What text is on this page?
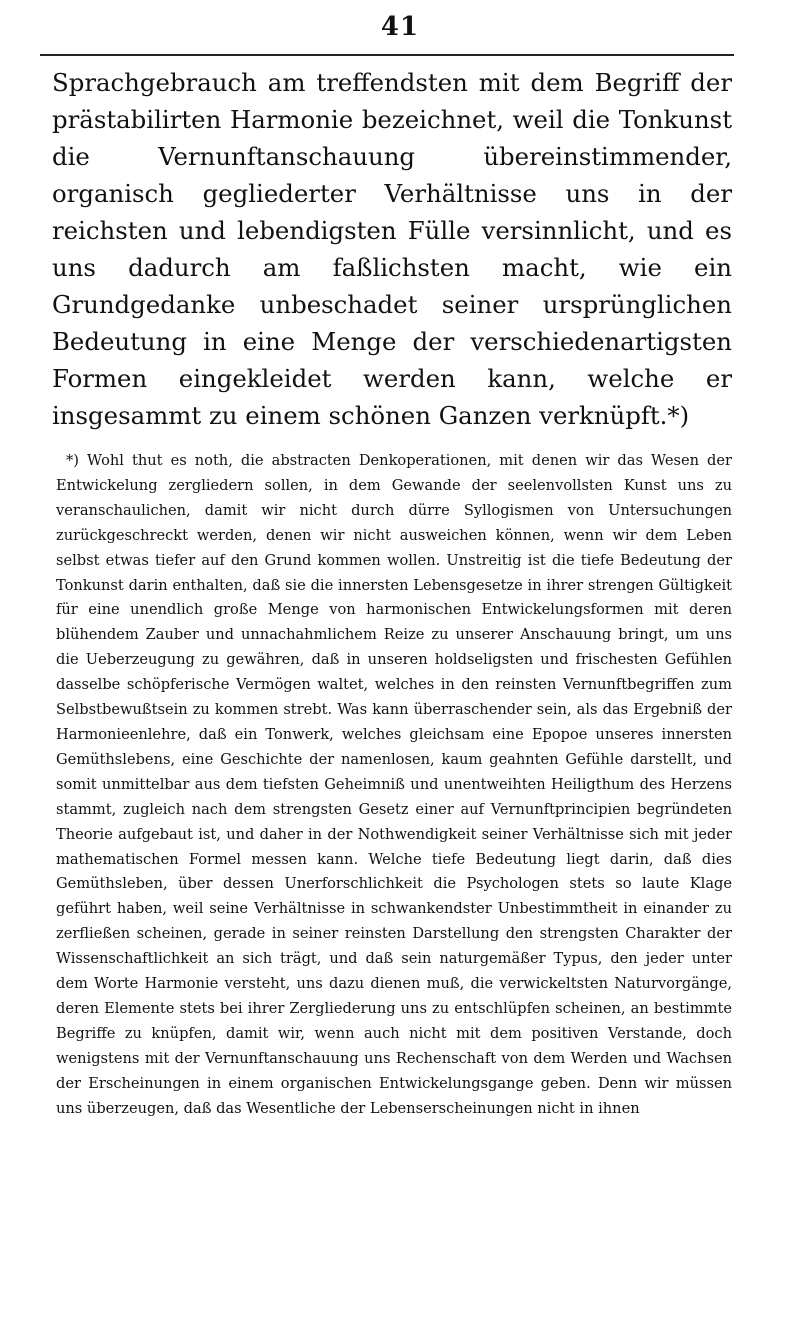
41

Sprachgebrauch am treffendsten mit dem Begriff der prästabilirten Harmonie bezeichnet, weil die Tonkunst die Vernunftanschauung übereinstimmender, organisch gegliederter Verhältnisse uns in der reichsten und lebendigsten Fülle versinnlicht, und es uns dadurch am faßlichsten macht, wie ein Grundgedanke unbeschadet seiner ursprünglichen Bedeutung in eine Menge der verschiedenartigsten Formen eingekleidet werden kann, welche er insgesammt zu einem schönen Ganzen verknüpft.*)

*) Wohl thut es noth, die abstracten Denkoperationen, mit denen wir das Wesen der Entwickelung zergliedern sollen, in dem Gewande der seelenvollsten Kunst uns zu veranschaulichen, damit wir nicht durch dürre Syllogismen von Untersuchungen zurückgeschreckt werden, denen wir nicht ausweichen können, wenn wir dem Leben selbst etwas tiefer auf den Grund kommen wollen. Unstreitig ist die tiefe Bedeutung der Tonkunst darin enthalten, daß sie die innersten Lebensgesetze in ihrer strengen Gültigkeit für eine unendlich große Menge von harmonischen Entwickelungsformen mit deren blühendem Zauber und unnachahmlichem Reize zu unserer Anschauung bringt, um uns die Ueberzeugung zu gewähren, daß in unseren holdseligsten und frischesten Gefühlen dasselbe schöpferische Vermögen waltet, welches in den reinsten Vernunftbegriffen zum Selbstbewußtsein zu kommen strebt. Was kann überraschender sein, als das Ergebniß der Harmonieenlehre, daß ein Tonwerk, welches gleichsam eine Epopoe unseres innersten Gemüthslebens, eine Geschichte der namenlosen, kaum geahnten Gefühle darstellt, und somit unmittelbar aus dem tiefsten Geheimniß und unentweihten Heiligthum des Herzens stammt, zugleich nach dem strengsten Gesetz einer auf Vernunftprincipien begründeten Theorie aufgebaut ist, und daher in der Nothwendigkeit seiner Verhältnisse sich mit jeder mathematischen Formel messen kann. Welche tiefe Bedeutung liegt darin, daß dies Gemüthsleben, über dessen Unerforschlichkeit die Psychologen stets so laute Klage geführt haben, weil seine Verhältnisse in schwankendster Unbestimmtheit in einander zu zerfließen scheinen, gerade in seiner reinsten Darstellung den strengsten Charakter der Wissenschaftlichkeit an sich trägt, und daß sein naturgemäßer Typus, den jeder unter dem Worte Harmonie versteht, uns dazu dienen muß, die verwickeltsten Naturvorgänge, deren Elemente stets bei ihrer Zergliederung uns zu entschlüpfen scheinen, an bestimmte Begriffe zu knüpfen, damit wir, wenn auch nicht mit dem positiven Verstande, doch wenigstens mit der Vernunftanschauung uns Rechenschaft von dem Werden und Wachsen der Erscheinungen in einem organischen Entwickelungsgange geben. Denn wir müssen uns überzeugen, daß das Wesentliche der Lebenserscheinungen nicht in ihnen
